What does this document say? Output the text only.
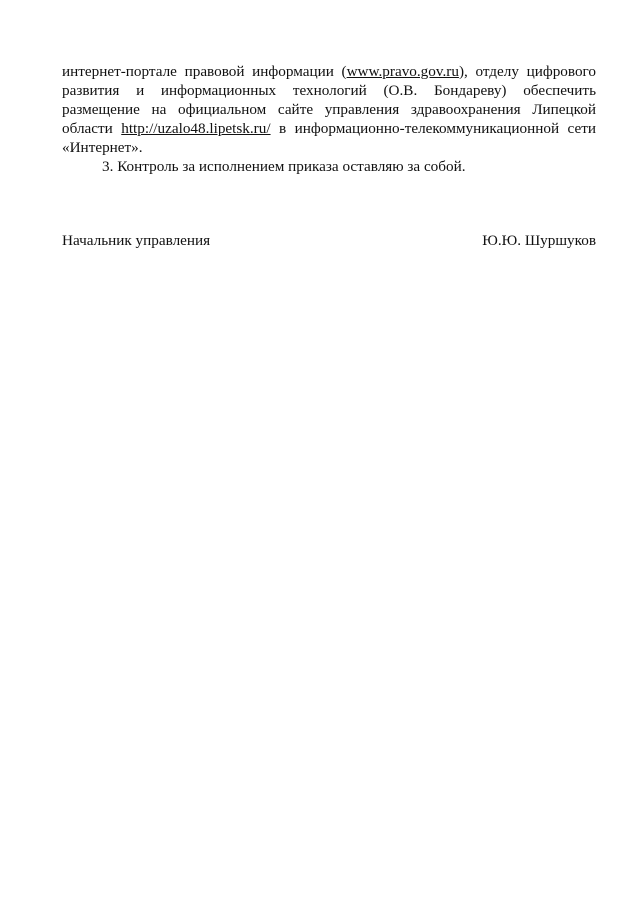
интернет-портале правовой информации (www.pravo.gov.ru), отделу цифрового развития и информационных технологий (О.В. Бондареву) обеспечить размещение на официальном сайте управления здравоохранения Липецкой области http://uzalo48.lipetsk.ru/ в информационно-телекоммуникационной сети «Интернет».

3. Контроль за исполнением приказа оставляю за собой.

Начальник управления	Ю.Ю. Шуршуков
